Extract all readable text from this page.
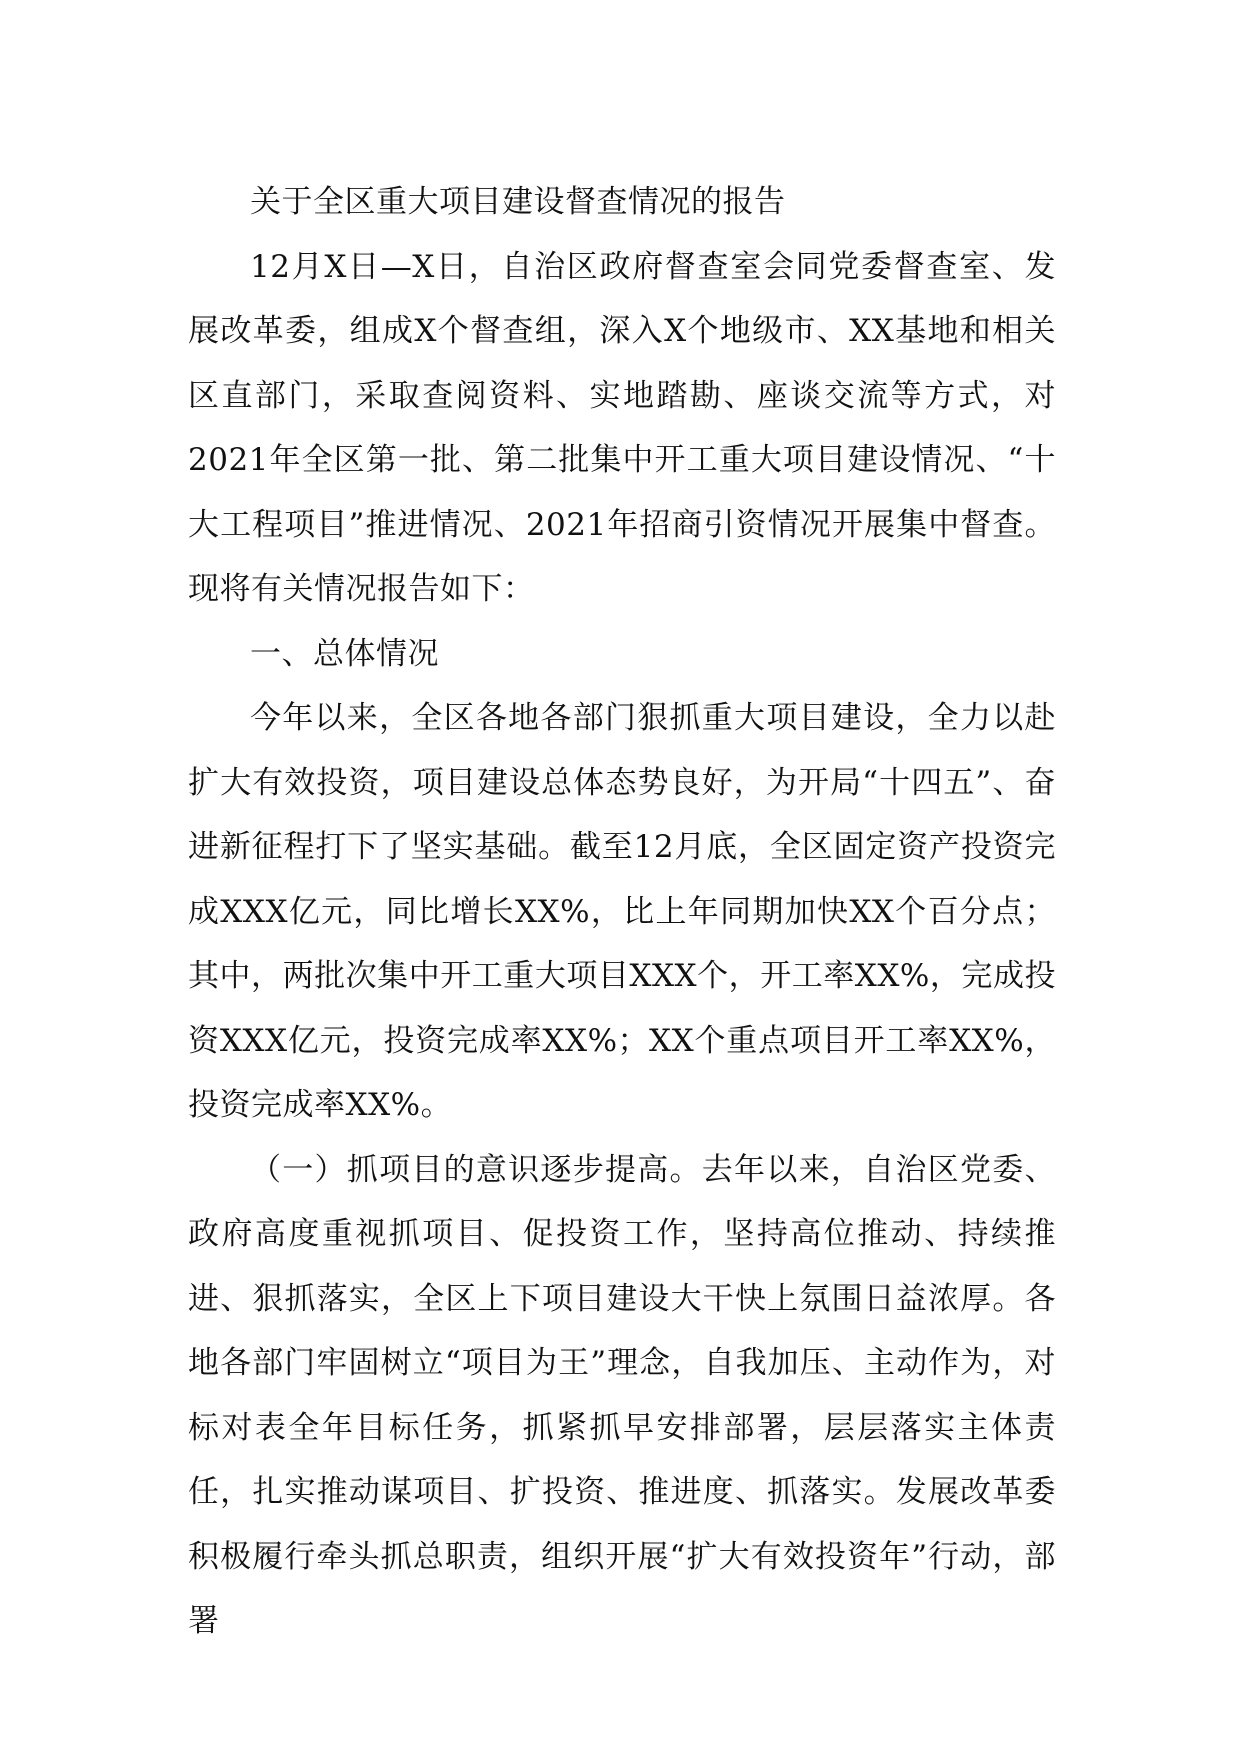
关于全区重大项目建设督查情况的报告

12月X日—X日，自治区政府督查室会同党委督查室、发展改革委，组成X个督查组，深入X个地级市、XX基地和相关区直部门，采取查阅资料、实地踏勘、座谈交流等方式，对2021年全区第一批、第二批集中开工重大项目建设情况、“十大工程项目”推进情况、2021年招商引资情况开展集中督查。现将有关情况报告如下：

一、总体情况

今年以来，全区各地各部门狠抓重大项目建设，全力以赴扩大有效投资，项目建设总体态势良好，为开局“十四五”、奋进新征程打下了坚实基础。截至12月底，全区固定资产投资完成XXX亿元，同比增长XX%，比上年同期加快XX个百分点；其中，两批次集中开工重大项目XXX个，开工率XX%，完成投资XXX亿元，投资完成率XX%；XX个重点项目开工率XX%，投资完成率XX%。

（一）抓项目的意识逐步提高。去年以来，自治区党委、政府高度重视抓项目、促投资工作，坚持高位推动、持续推进、狠抓落实，全区上下项目建设大干快上氛围日益浓厚。各地各部门牢固树立“项目为王”理念，自我加压、主动作为，对标对表全年目标任务，抓紧抓早安排部署，层层落实主体责任，扎实推动谋项目、扩投资、推进度、抓落实。发展改革委积极履行牵头抓总职责，组织开展“扩大有效投资年”行动，部署
